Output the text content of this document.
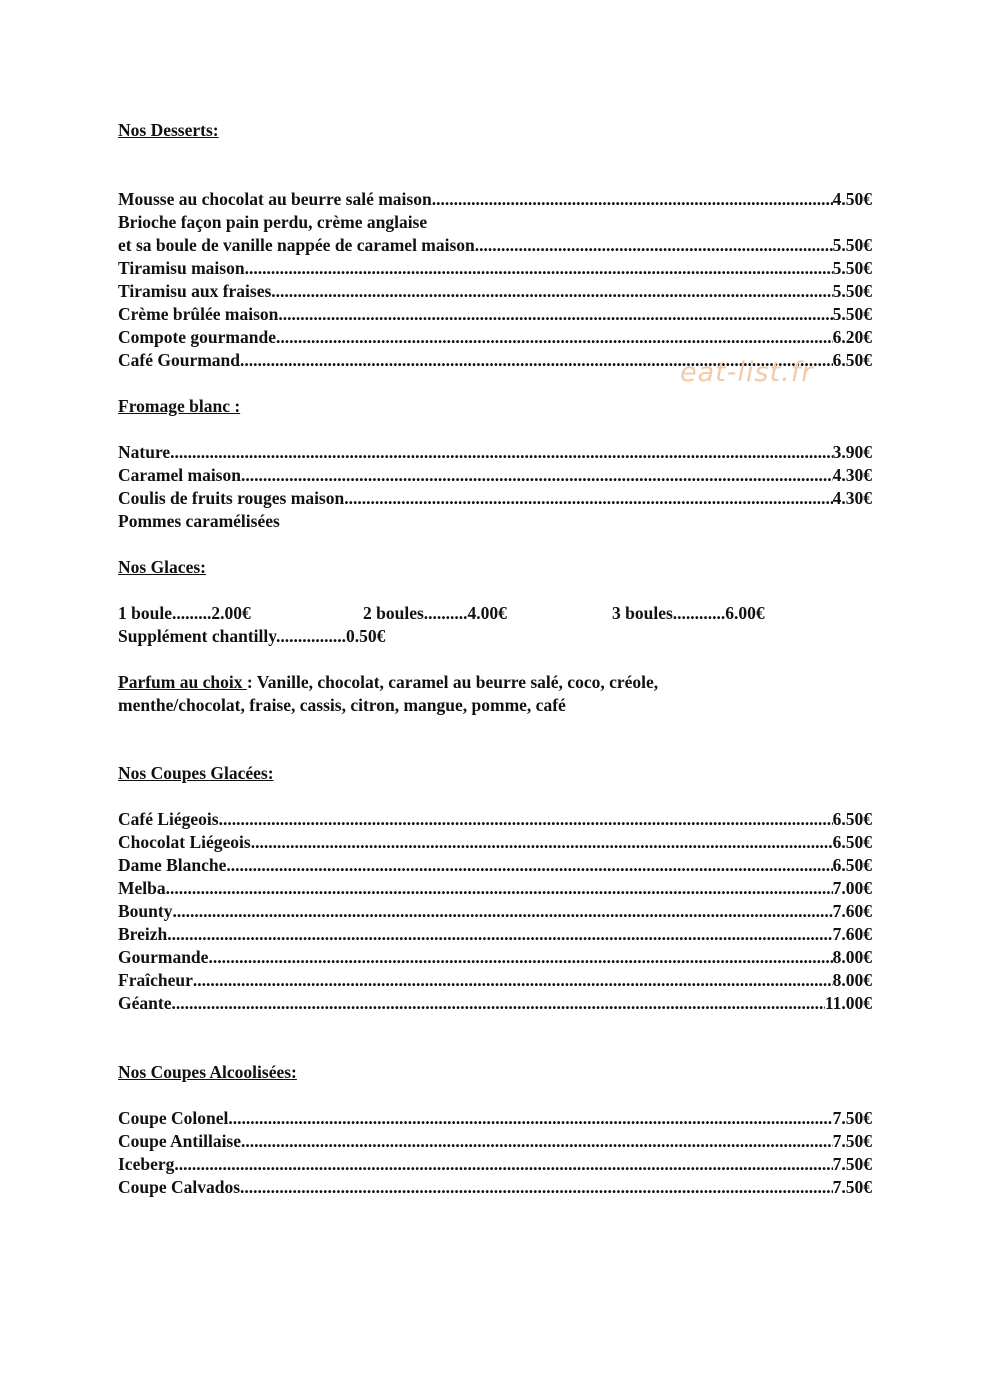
Nos Desserts:
Mousse au chocolat au beurre salé maison .....	4.50€
Brioche façon pain perdu, crème anglaise
et sa boule de vanille nappée de caramel maison .....	5.50€
Tiramisu maison .....	5.50€
Tiramisu aux fraises .....	5.50€
Crème brûlée maison .....	5.50€
Compote gourmande .....	6.20€
Café Gourmand .....	6.50€
Fromage blanc :
Nature .....	3.90€
Caramel maison .....	4.30€
Coulis de fruits rouges maison .....	4.30€
Pommes caramélisées
Nos Glaces:
1 boule.........2.00€	2 boules..........4.00€	3 boules............6.00€
Supplément chantilly................0.50€
Parfum au choix : Vanille, chocolat, caramel au beurre salé, coco, créole, menthe/chocolat, fraise, cassis, citron, mangue, pomme, café
Nos Coupes Glacées:
Café Liégeois .....	6.50€
Chocolat Liégeois .....	6.50€
Dame Blanche .....	6.50€
Melba .....	7.00€
Bounty .....	7.60€
Breizh .....	7.60€
Gourmande .....	8.00€
Fraîcheur .....	8.00€
Géante .....	11.00€
Nos Coupes Alcoolisées:
Coupe Colonel .....	7.50€
Coupe Antillaise .....	7.50€
Iceberg .....	7.50€
Coupe Calvados .....	7.50€
eat-list.fr
